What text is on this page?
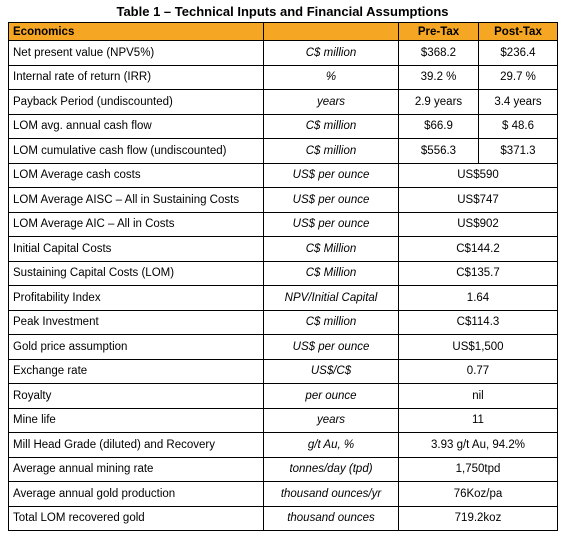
Table 1 – Technical Inputs and Financial Assumptions
Economics		Pre-Tax	Post-Tax
Net present value (NPV5%)	C$ million	$368.2	$236.4
Internal rate of return (IRR)	%	39.2 %	29.7 %
Payback Period (undiscounted)	years	2.9 years	3.4 years
LOM avg. annual cash flow	C$ million	$66.9	$ 48.6
LOM cumulative cash flow (undiscounted)	C$ million	$556.3	$371.3
LOM Average cash costs	US$ per ounce	US$590	
LOM Average AISC – All in Sustaining Costs	US$ per ounce	US$747	
LOM Average AIC – All in Costs	US$ per ounce	US$902	
Initial Capital Costs	C$ Million	C$144.2	
Sustaining Capital Costs (LOM)	C$ Million	C$135.7	
Profitability Index	NPV/Initial Capital	1.64	
Peak Investment	C$ million	C$114.3	
Gold price assumption	US$ per ounce	US$1,500	
Exchange rate	US$/C$	0.77	
Royalty	per ounce	nil	
Mine life	years	11	
Mill Head Grade (diluted) and Recovery	g/t Au, %	3.93 g/t Au, 94.2%	
Average annual mining rate	tonnes/day (tpd)	1,750tpd	
Average annual gold production	thousand ounces/yr	76Koz/pa	
Total LOM recovered gold	thousand ounces	719.2koz	
